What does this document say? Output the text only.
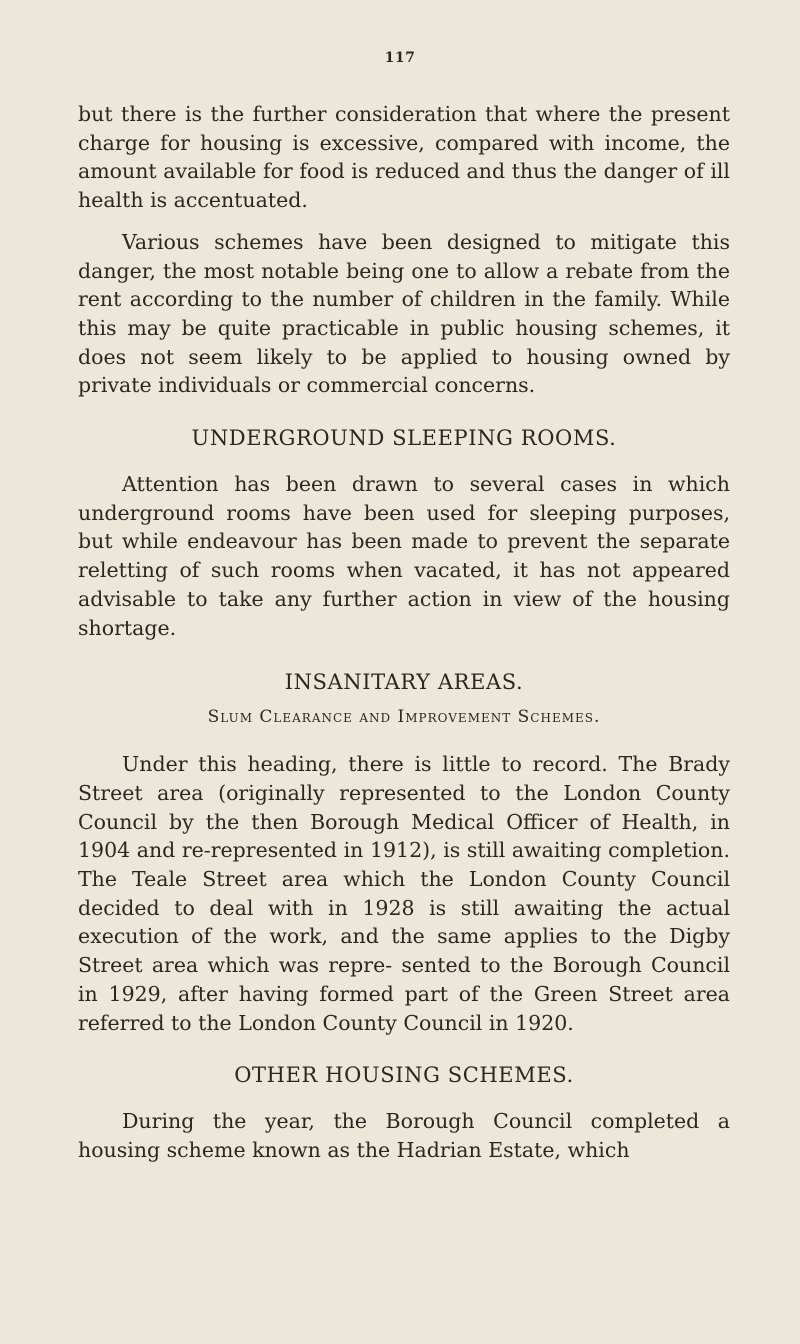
117

but there is the further consideration that where the present charge for housing is excessive, compared with income, the amount available for food is reduced and thus the danger of ill health is accentuated.

Various schemes have been designed to mitigate this danger, the most notable being one to allow a rebate from the rent according to the number of children in the family. While this may be quite practicable in public housing schemes, it does not seem likely to be applied to housing owned by private individuals or commercial concerns.

UNDERGROUND SLEEPING ROOMS.

Attention has been drawn to several cases in which underground rooms have been used for sleeping purposes, but while endeavour has been made to prevent the separate reletting of such rooms when vacated, it has not appeared advisable to take any further action in view of the housing shortage.

INSANITARY AREAS.
Slum Clearance and Improvement Schemes.

Under this heading, there is little to record. The Brady Street area (originally represented to the London County Council by the then Borough Medical Officer of Health, in 1904 and re-represented in 1912), is still awaiting completion. The Teale Street area which the London County Council decided to deal with in 1928 is still awaiting the actual execution of the work, and the same applies to the Digby Street area which was repre- sented to the Borough Council in 1929, after having formed part of the Green Street area referred to the London County Council in 1920.

OTHER HOUSING SCHEMES.

During the year, the Borough Council completed a housing scheme known as the Hadrian Estate, which
